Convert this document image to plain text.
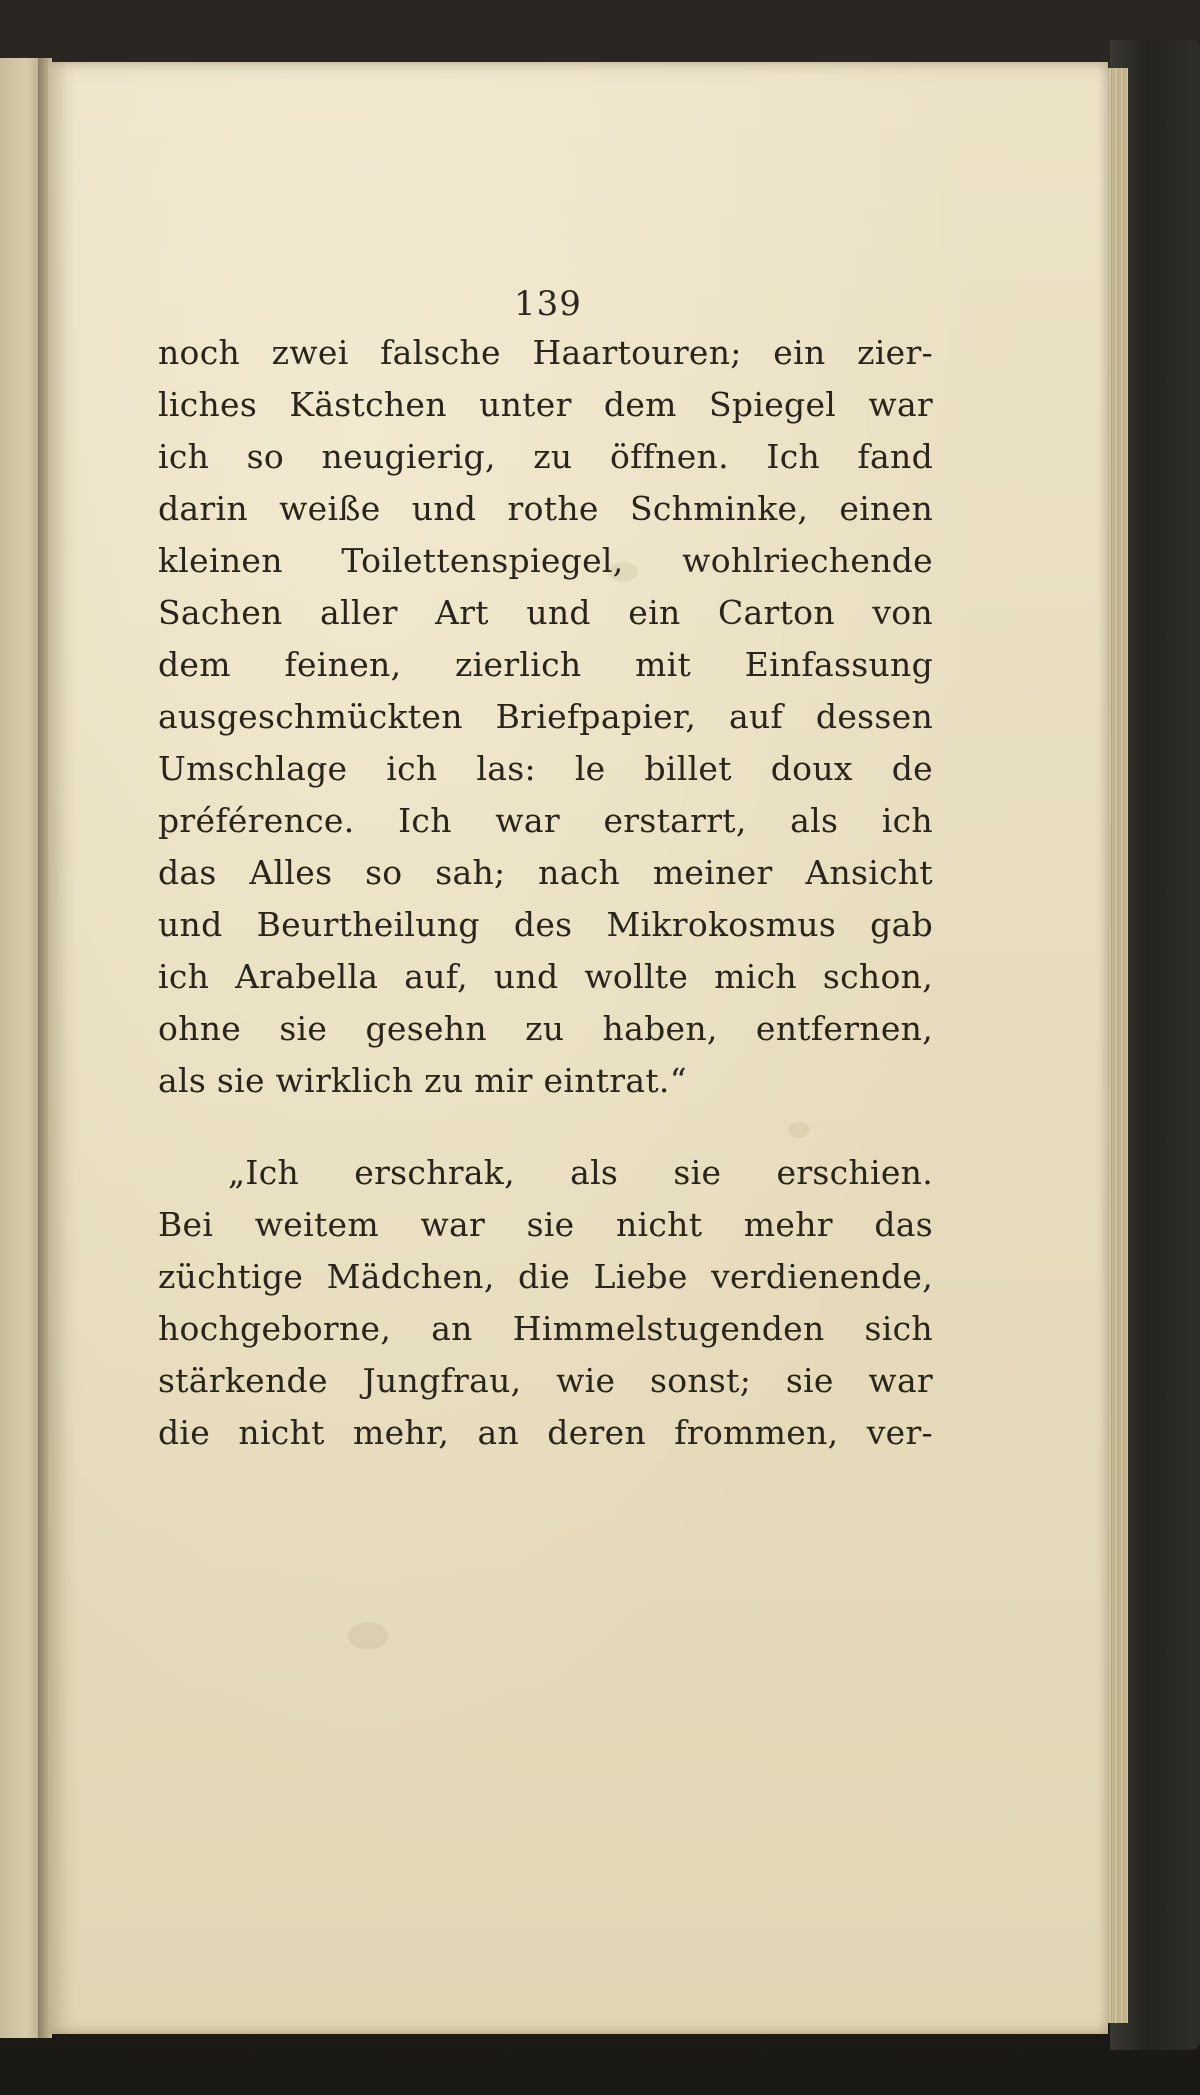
139
noch zwei falsche Haartouren; ein zier-
liches Kästchen unter dem Spiegel war
ich so neugierig, zu öffnen. Ich fand
darin weiße und rothe Schminke, einen
kleinen Toilettenspiegel, wohlriechende
Sachen aller Art und ein Carton von
dem feinen, zierlich mit Einfassung
ausgeschmückten Briefpapier, auf dessen
Umschlage ich las: le billet doux de
préférence. Ich war erstarrt, als ich
das Alles so sah; nach meiner Ansicht
und Beurtheilung des Mikrokosmus gab
ich Arabella auf, und wollte mich schon,
ohne sie gesehn zu haben, entfernen,
als sie wirklich zu mir eintrat.“
„Ich erschrak, als sie erschien.
Bei weitem war sie nicht mehr das
züchtige Mädchen, die Liebe verdienende,
hochgeborne, an Himmelstugenden sich
stärkende Jungfrau, wie sonst; sie war
die nicht mehr, an deren frommen, ver-
